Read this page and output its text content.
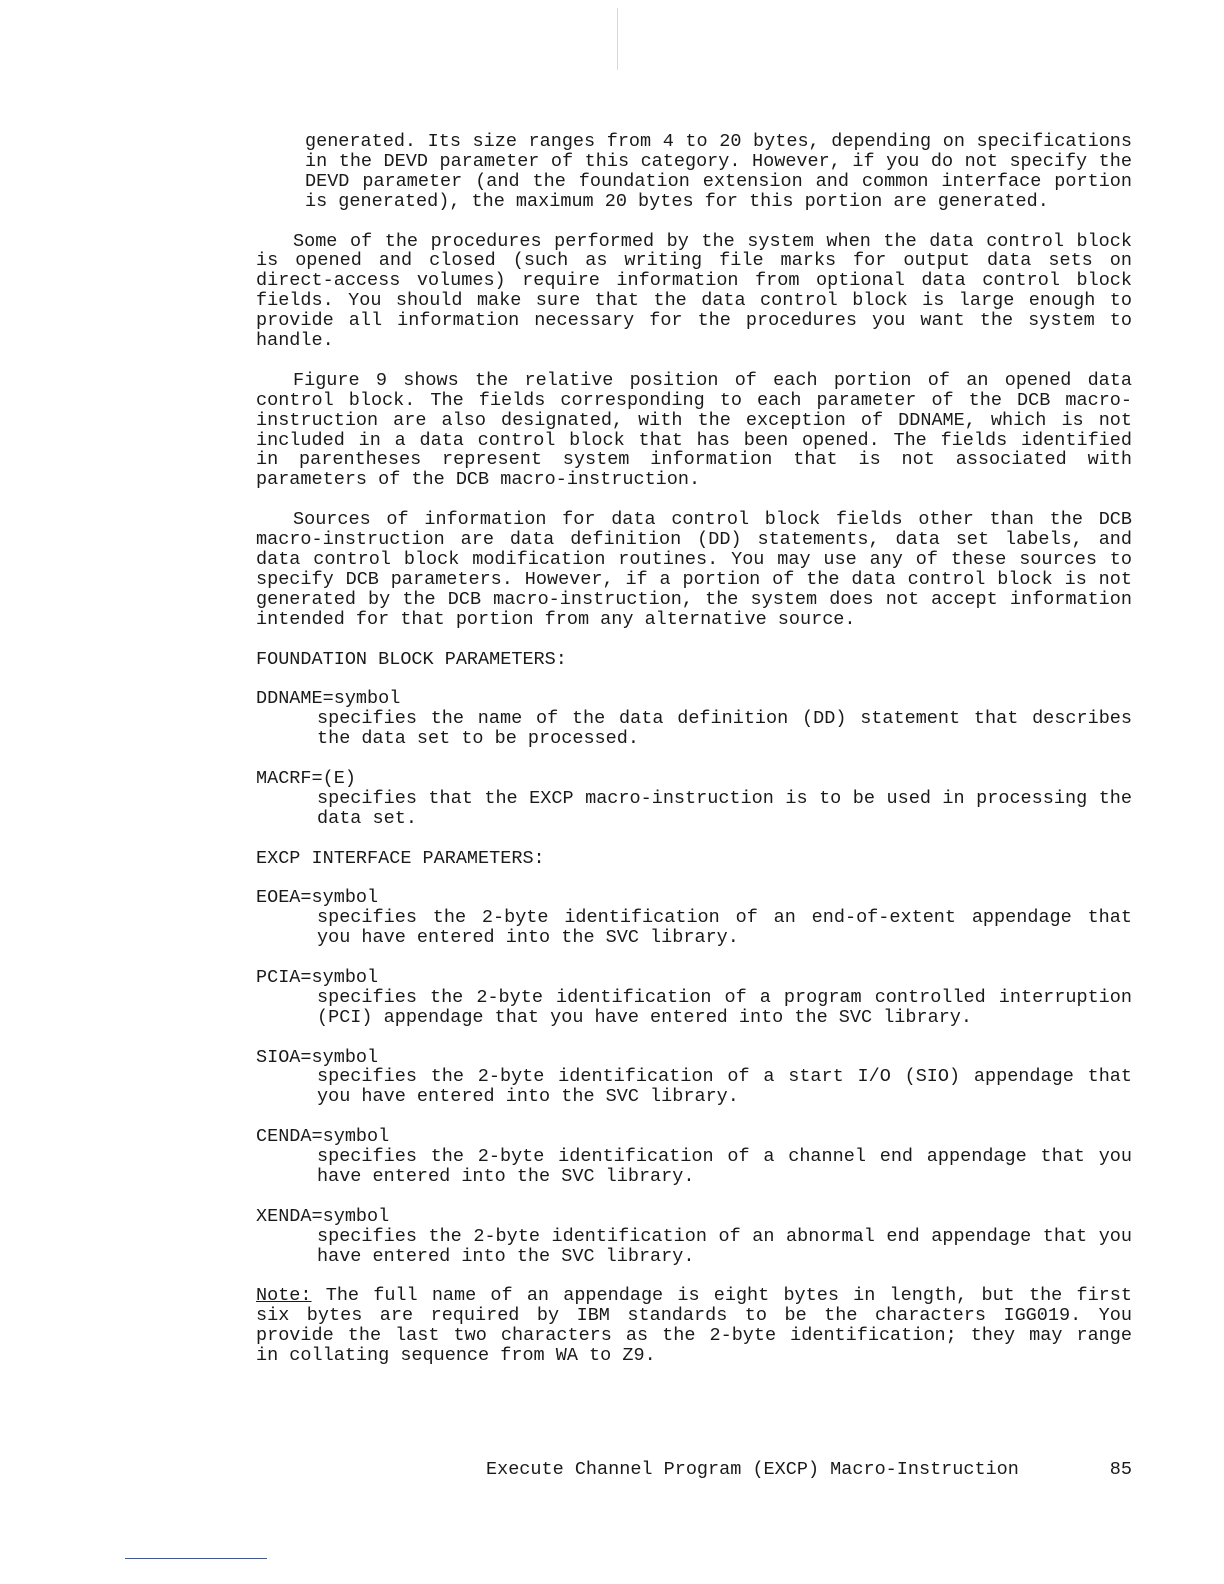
generated. Its size ranges from 4 to 20 bytes, depending on specifications in the DEVD parameter of this category. However, if you do not specify the DEVD parameter (and the foundation extension and common interface portion is generated), the maximum 20 bytes for this portion are generated.

Some of the procedures performed by the system when the data control block is opened and closed (such as writing file marks for output data sets on direct-access volumes) require information from optional data control block fields. You should make sure that the data control block is large enough to provide all information necessary for the procedures you want the system to handle.

Figure 9 shows the relative position of each portion of an opened data control block. The fields corresponding to each parameter of the DCB macro-instruction are also designated, with the exception of DDNAME, which is not included in a data control block that has been opened. The fields identified in parentheses represent system information that is not associated with parameters of the DCB macro-instruction.

Sources of information for data control block fields other than the DCB macro-instruction are data definition (DD) statements, data set labels, and data control block modification routines. You may use any of these sources to specify DCB parameters. However, if a portion of the data control block is not generated by the DCB macro-instruction, the system does not accept information intended for that portion from any alternative source.

FOUNDATION BLOCK PARAMETERS:
DDNAME=symbol
specifies the name of the data definition (DD) statement that describes the data set to be processed.
MACRF=(E)
specifies that the EXCP macro-instruction is to be used in processing the data set.
EXCP INTERFACE PARAMETERS:
EOEA=symbol
specifies the 2-byte identification of an end-of-extent appendage that you have entered into the SVC library.
PCIA=symbol
specifies the 2-byte identification of a program controlled interruption (PCI) appendage that you have entered into the SVC library.
SIOA=symbol
specifies the 2-byte identification of a start I/O (SIO) appendage that you have entered into the SVC library.
CENDA=symbol
specifies the 2-byte identification of a channel end appendage that you have entered into the SVC library.
XENDA=symbol
specifies the 2-byte identification of an abnormal end appendage that you have entered into the SVC library.

Note: The full name of an appendage is eight bytes in length, but the first six bytes are required by IBM standards to be the characters IGG019. You provide the last two characters as the 2-byte identification; they may range in collating sequence from WA to Z9.

Execute Channel Program (EXCP) Macro-Instruction	85
